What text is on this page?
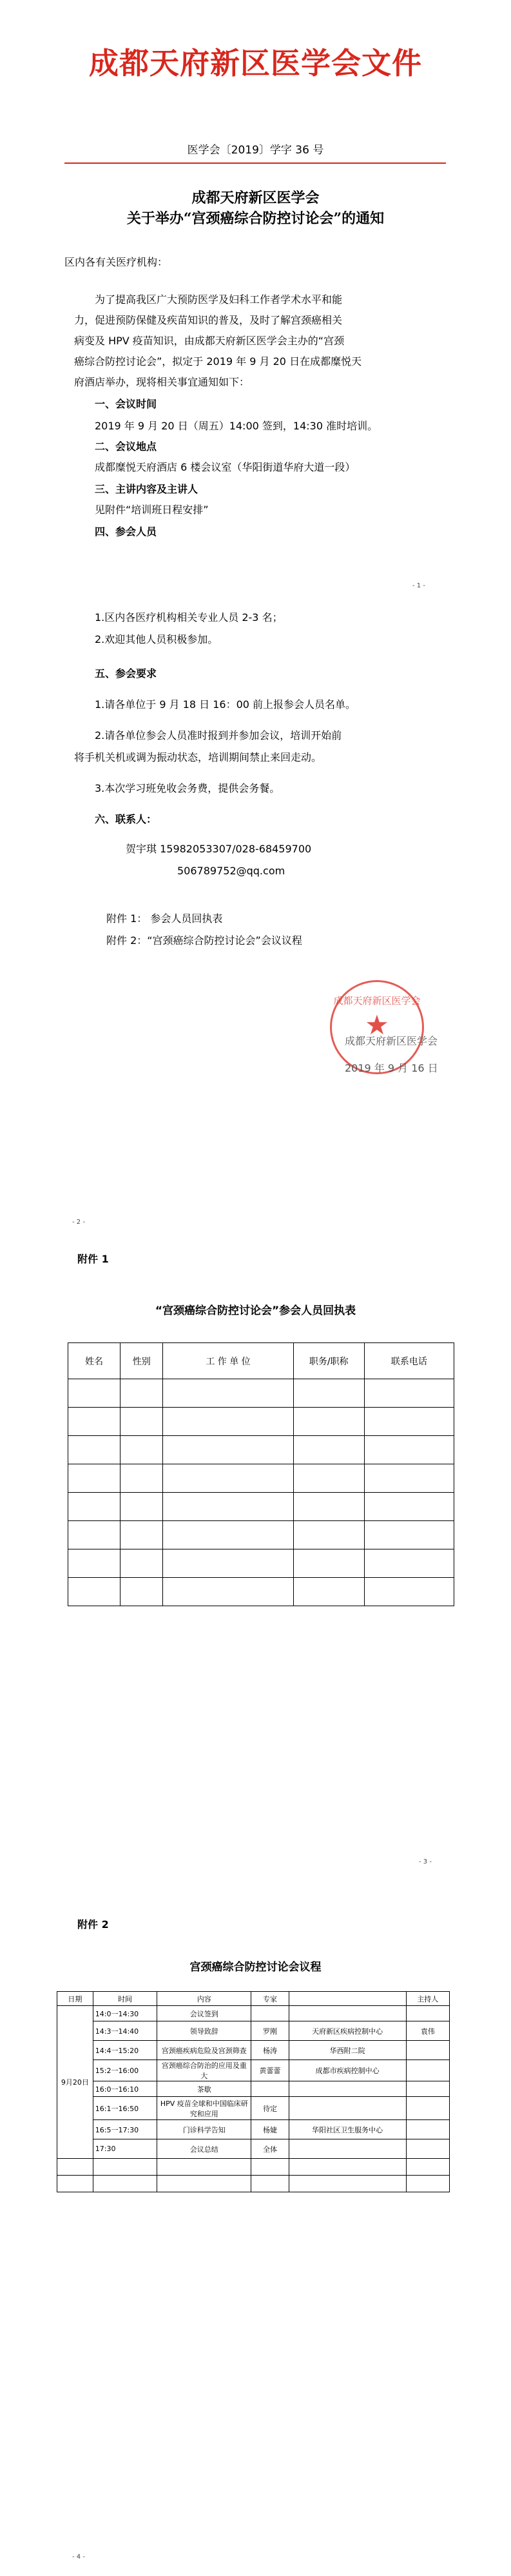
成都天府新区医学会文件
医学会〔2019〕学字 36 号
成都天府新区医学会
关于举办“宫颈癌综合防控讨论会”的通知
区内各有关医疗机构：
为了提高我区广大预防医学及妇科工作者学术水平和能
力，促进预防保健及疾苗知识的普及，及时了解宫颈癌相关
病变及 HPV 疫苗知识，由成都天府新区医学会主办的“宫颈
癌综合防控讨论会”，拟定于 2019 年 9 月 20 日在成都糜悦天
府酒店举办，现将相关事宜通知如下：
一、会议时间
2019 年 9 月 20 日（周五）14:00 签到，14:30 准时培训。
二、会议地点
成都糜悦天府酒店 6 楼会议室（华阳街道华府大道一段）
三、主讲内容及主讲人
见附件“培训班日程安排”
四、参会人员
- 1 -
1.区内各医疗机构相关专业人员 2-3 名；
2.欢迎其他人员积极参加。
五、参会要求
1.请各单位于 9 月 18 日 16：00 前上报参会人员名单。
2.请各单位参会人员准时报到并参加会议，培训开始前
将手机关机或调为振动状态，培训期间禁止来回走动。
3.本次学习班免收会务费，提供会务餐。
六、联系人：
贺宇琪 15982053307/028-68459700
506789752@qq.com
附件 1： 参会人员回执表
附件 2：“宫颈癌综合防控讨论会”会议议程
成都天府新区医学会
★
成都天府新区医学会
2019 年 9 月 16 日
- 2 -
附件 1
“宫颈癌综合防控讨论会”参会人员回执表
姓名	性别	工 作 单 位	职务/职称	联系电话

- 3 -
附件 2
宫颈癌综合防控讨论会议程
日期	时间	内容	专家		主持人
9月20日	14:0一14:30	会议签到			
	14:3一14:40	领导致辞	罗刚	天府新区疾病控制中心	袁伟
	14:4一15:20	宫颈癌疾病危险及宫颈筛查	杨涛	华西附二院	
	15:2一16:00	宫颈癌综合防治的应用及重大	黄蕾蕾	成都市疾病控制中心	
	16:0一16:10	茶歇			
	16:1一16:50	HPV 疫苗全球和中国临床研究和应用	待定		
	16:5一17:30	门诊科学告知	杨婕	华阳社区卫生服务中心	
	17:30	会议总结	全体		

- 4 -
